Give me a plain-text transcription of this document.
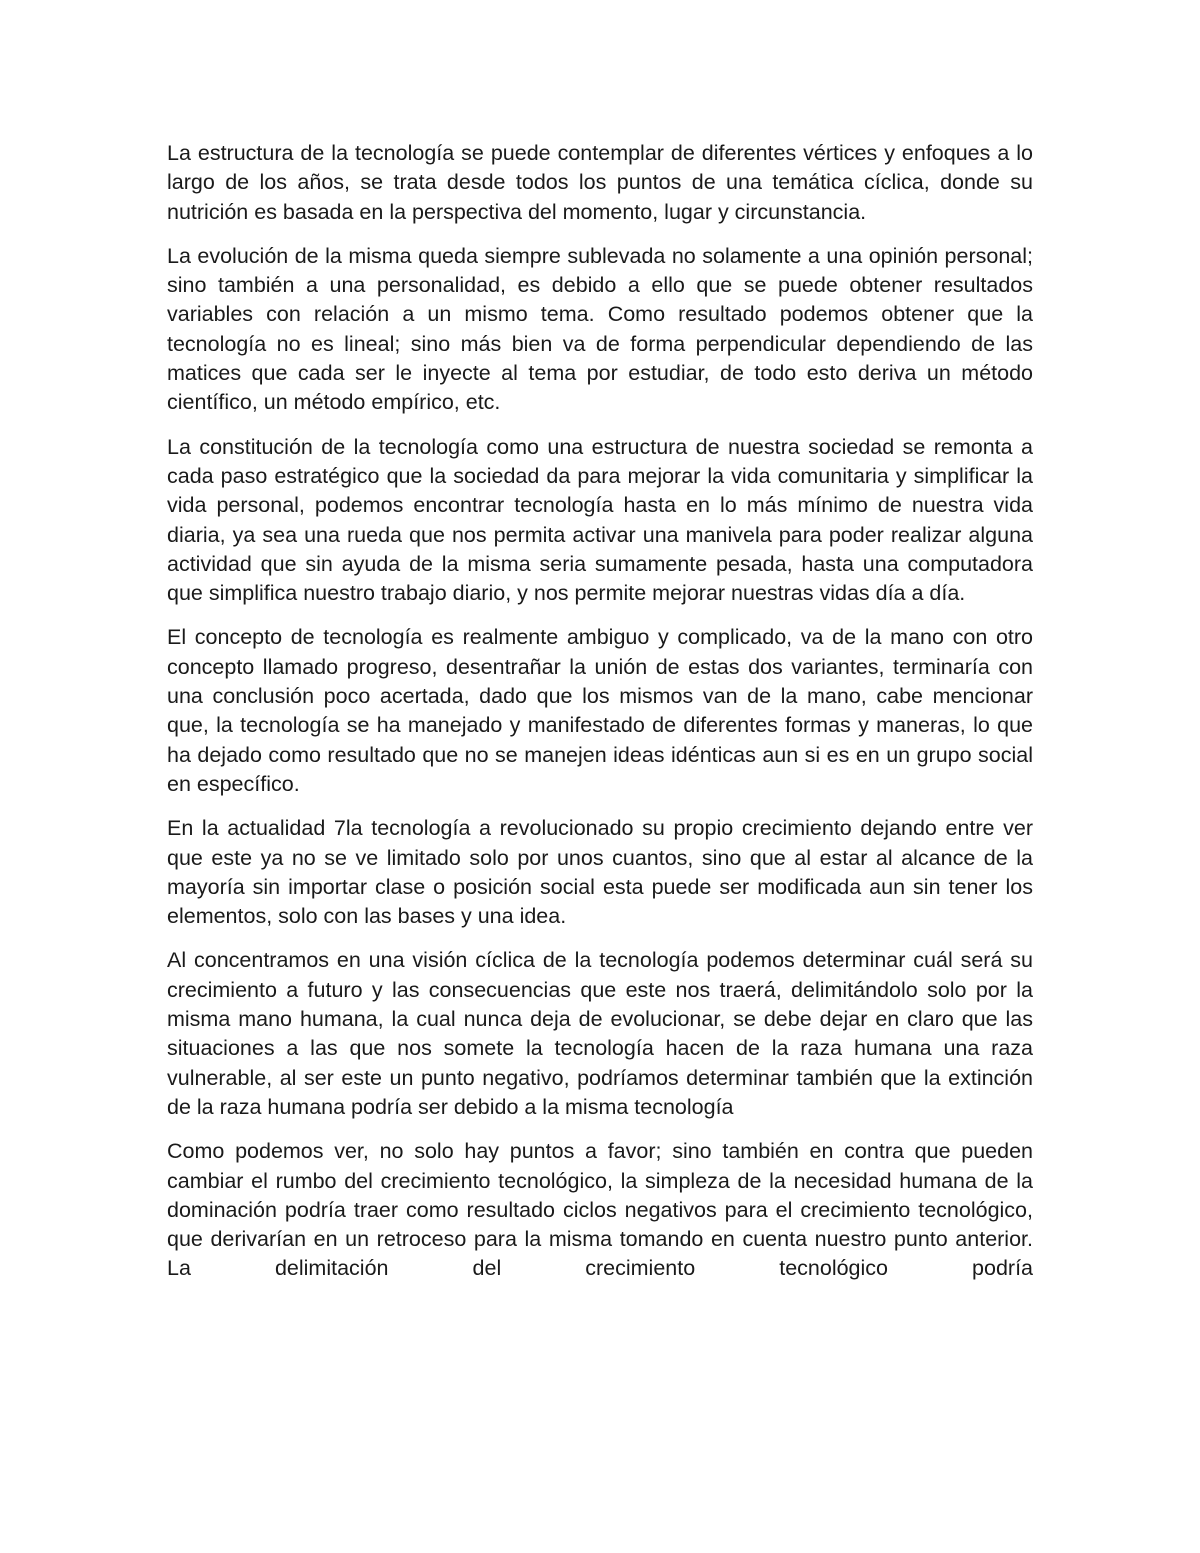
La estructura de la tecnología se puede contemplar de diferentes vértices y enfoques a lo largo de los años, se trata desde todos los puntos de una temática cíclica, donde su nutrición es basada en la perspectiva del momento, lugar y circunstancia.

La evolución de la misma queda siempre sublevada no solamente a una opinión personal; sino también a una personalidad, es debido a ello que se puede obtener resultados variables con relación a un mismo tema. Como resultado podemos obtener que la tecnología no es lineal; sino más bien va de forma perpendicular dependiendo de las matices que cada ser le inyecte al tema por estudiar, de todo esto deriva un método científico, un método empírico, etc.

La constitución de la tecnología como una estructura de nuestra sociedad se remonta a cada paso estratégico que la sociedad da para mejorar la vida comunitaria y simplificar la vida personal, podemos encontrar tecnología hasta en lo más mínimo de nuestra vida diaria, ya sea una rueda que nos permita activar una manivela para poder realizar alguna actividad que sin ayuda de la misma seria sumamente pesada, hasta una computadora que simplifica nuestro trabajo diario, y nos permite mejorar nuestras vidas día a día.

El concepto de tecnología es realmente ambiguo y complicado, va de la mano con otro concepto llamado progreso, desentrañar la unión de estas dos variantes, terminaría con una conclusión poco acertada, dado que los mismos van de la mano, cabe mencionar que, la tecnología se ha manejado y manifestado de diferentes formas y maneras, lo que ha dejado como resultado que no se manejen ideas idénticas aun si es en un grupo social en específico.

En la actualidad 7la tecnología a revolucionado su propio crecimiento dejando entre ver que este ya no se ve limitado solo por unos cuantos, sino que al estar al alcance de la mayoría sin importar clase o posición social esta puede ser modificada aun sin tener los elementos, solo con las bases y una idea.

Al concentramos en una visión cíclica de la tecnología podemos determinar cuál será su crecimiento a futuro y las consecuencias que este nos traerá, delimitándolo solo por la misma mano humana, la cual nunca deja de evolucionar, se debe dejar en claro que las situaciones a las que nos somete la tecnología hacen de la raza humana una raza vulnerable, al ser este un punto negativo, podríamos determinar también que la extinción de la raza humana podría ser debido a la misma tecnología

Como podemos ver, no solo hay puntos a favor; sino también en contra que pueden cambiar el rumbo del crecimiento tecnológico, la simpleza de la necesidad humana de la dominación podría traer como resultado ciclos negativos para el crecimiento tecnológico, que derivarían en un retroceso para la misma tomando en cuenta nuestro punto anterior. La delimitación del crecimiento tecnológico podría
